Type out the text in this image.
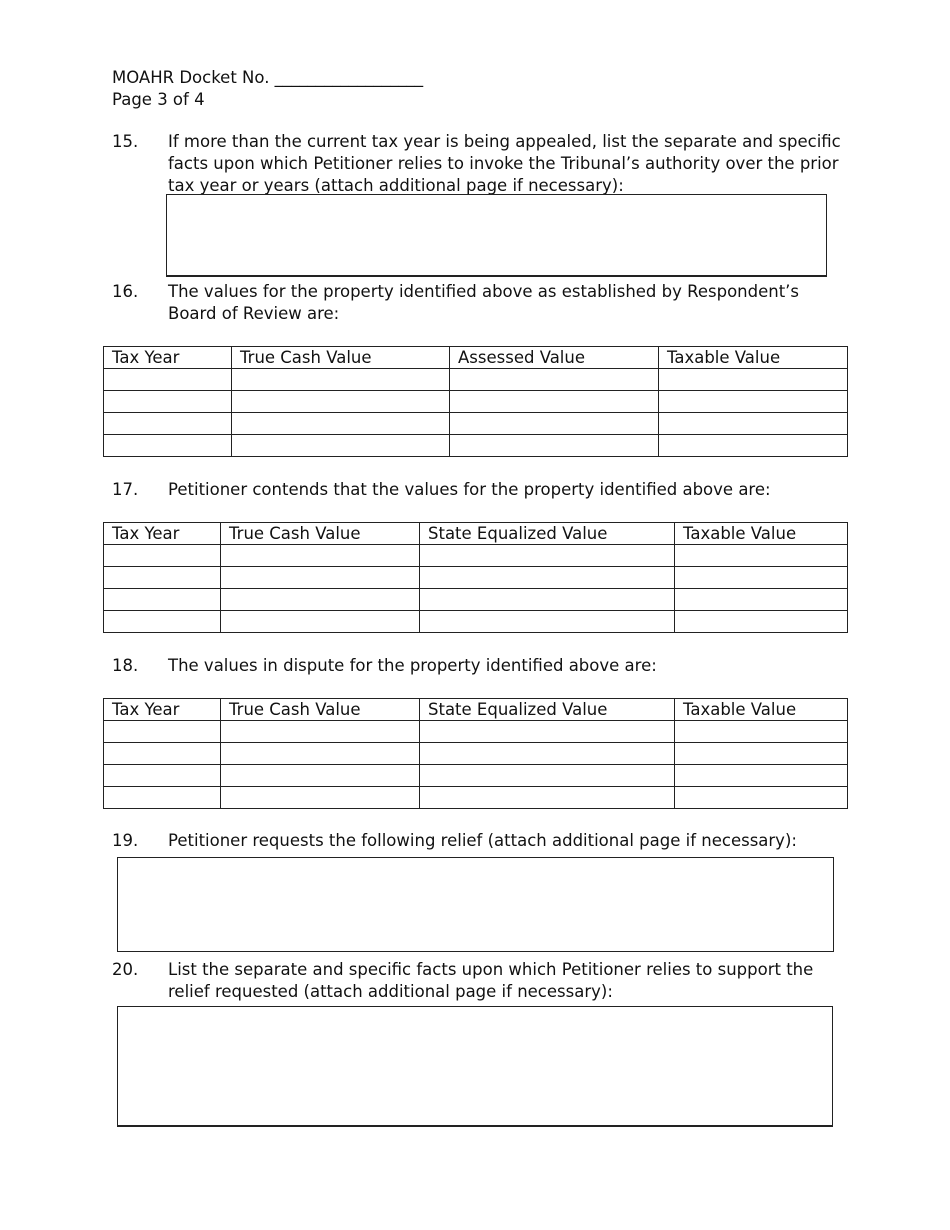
MOAHR Docket No. __________________
Page 3 of 4
15. If more than the current tax year is being appealed, list the separate and specific
facts upon which Petitioner relies to invoke the Tribunal’s authority over the prior
tax year or years (attach additional page if necessary):
16. The values for the property identified above as established by Respondent’s
Board of Review are:
Tax Year	True Cash Value	Assessed Value	Taxable Value

17. Petitioner contends that the values for the property identified above are:
Tax Year	True Cash Value	State Equalized Value	Taxable Value

18. The values in dispute for the property identified above are:
Tax Year	True Cash Value	State Equalized Value	Taxable Value

19. Petitioner requests the following relief (attach additional page if necessary):
20. List the separate and specific facts upon which Petitioner relies to support the
relief requested (attach additional page if necessary):
